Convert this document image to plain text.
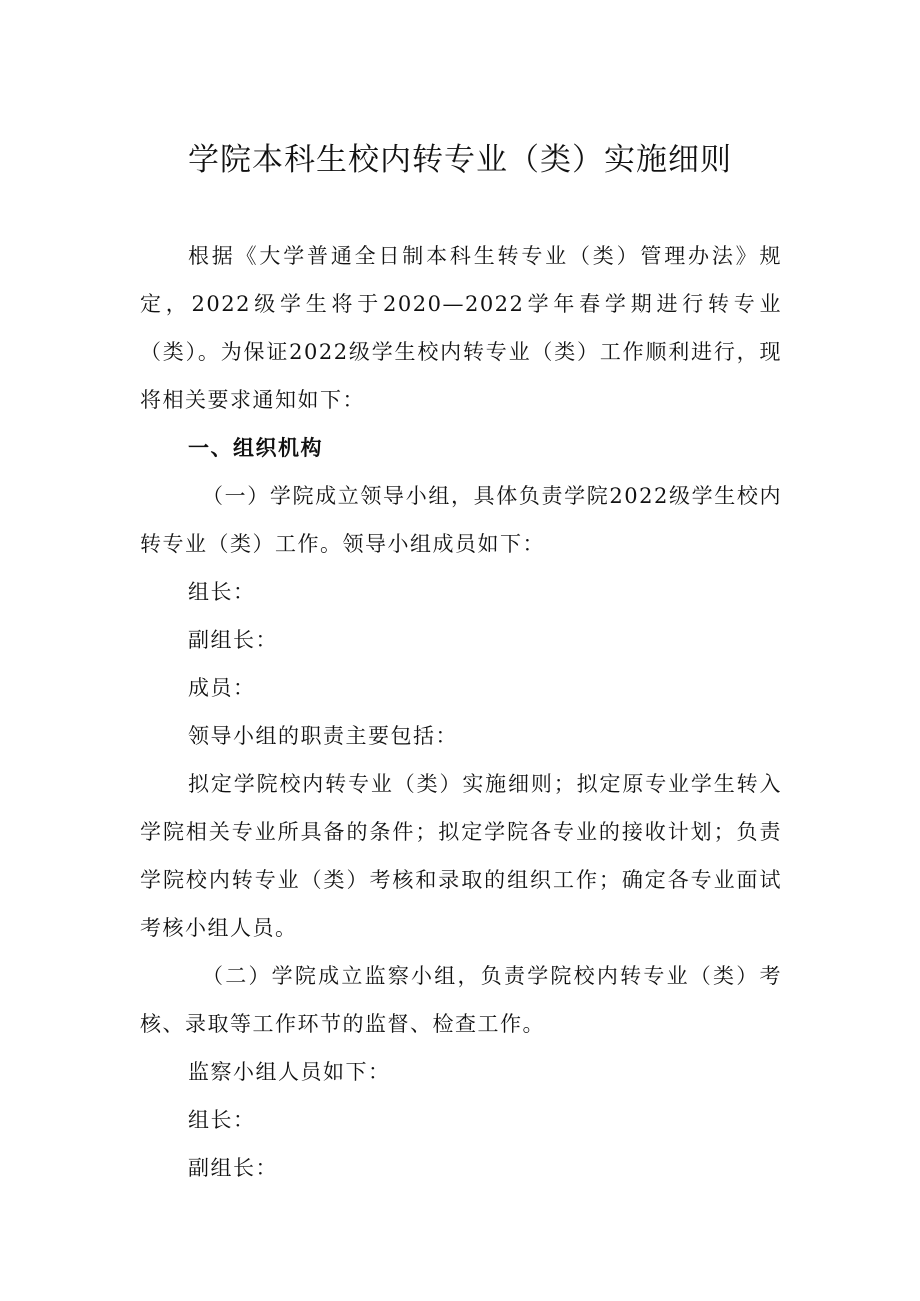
学院本科生校内转专业（类）实施细则

根据《大学普通全日制本科生转专业（类）管理办法》规定，2022级学生将于2020—2022学年春学期进行转专业（类）。为保证2022级学生校内转专业（类）工作顺利进行，现将相关要求通知如下：

一、组织机构

（一）学院成立领导小组，具体负责学院2022级学生校内转专业（类）工作。领导小组成员如下：

组长：

副组长：

成员：

领导小组的职责主要包括：

拟定学院校内转专业（类）实施细则；拟定原专业学生转入学院相关专业所具备的条件；拟定学院各专业的接收计划；负责学院校内转专业（类）考核和录取的组织工作；确定各专业面试考核小组人员。

（二）学院成立监察小组，负责学院校内转专业（类）考核、录取等工作环节的监督、检查工作。

监察小组人员如下：

组长：

副组长：
